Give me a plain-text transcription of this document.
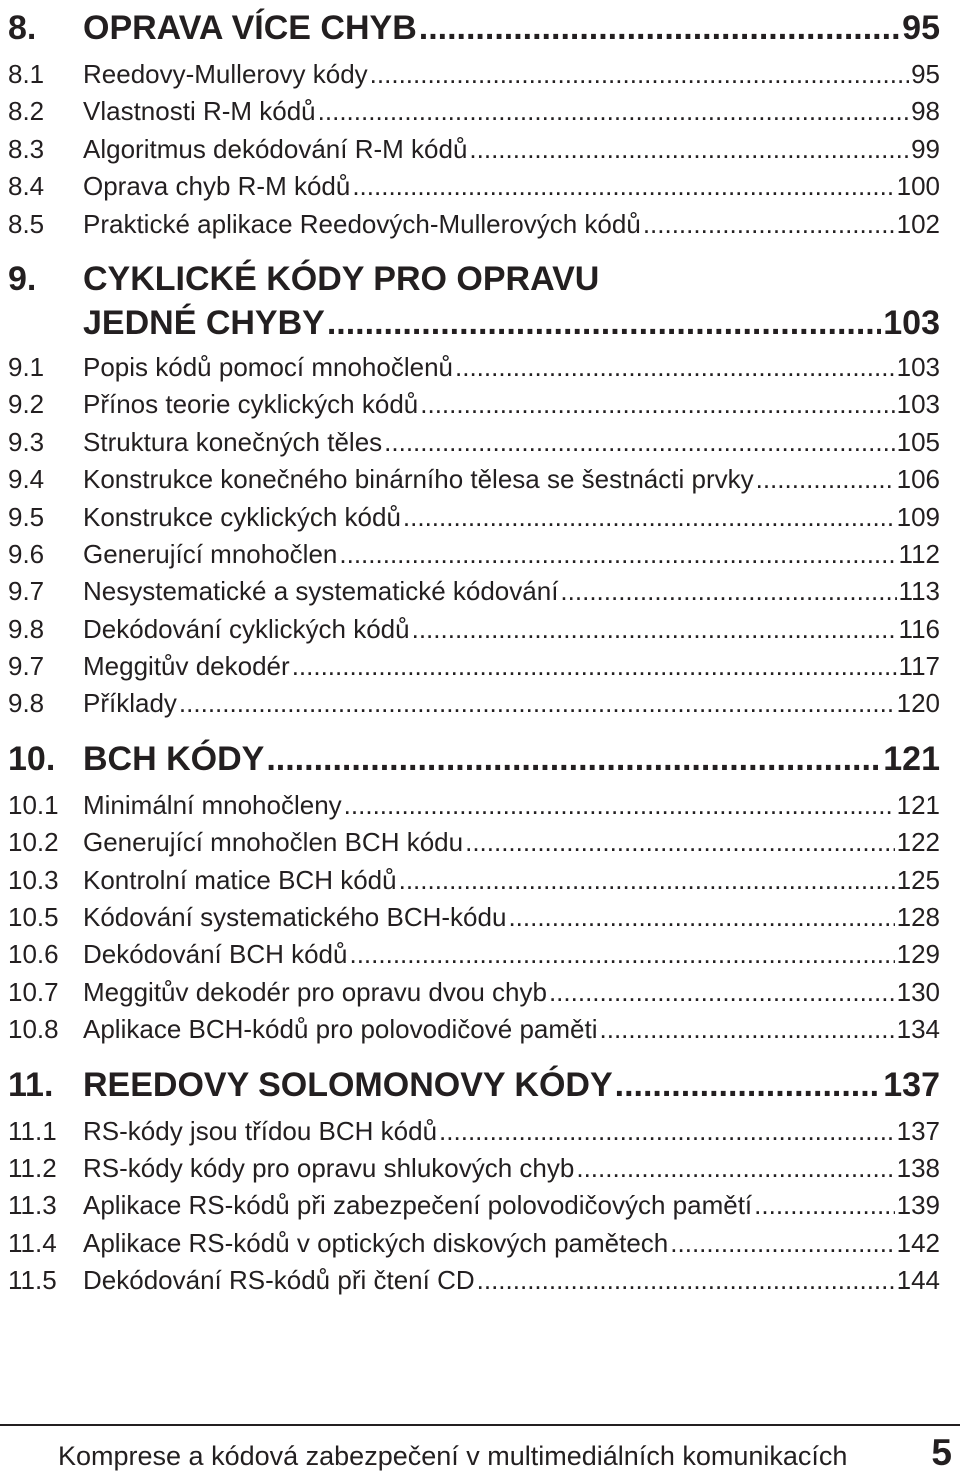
8.	OPRAVA VÍCE CHYB .....	95
8.1	Reedovy-Mullerovy kódy .....	95
8.2	Vlastnosti R-M kódů .....	98
8.3	Algoritmus dekódování R-M kódů .....	99
8.4	Oprava chyb R-M kódů .....	100
8.5	Praktické aplikace Reedových-Mullerových kódů .....	102
9.	CYKLICKÉ KÓDY PRO OPRAVU
JEDNÉ CHYBY .....	103
9.1	Popis kódů pomocí mnohočlenů .....	103
9.2	Přínos teorie cyklických kódů .....	103
9.3	Struktura konečných těles .....	105
9.4	Konstrukce konečného binárního tělesa se šestnácti prvky .....	106
9.5	Konstrukce cyklických kódů .....	109
9.6	Generující mnohočlen .....	112
9.7	Nesystematické a systematické kódování .....	113
9.8	Dekódování cyklických kódů .....	116
9.7	Meggitův dekodér .....	117
9.8	Příklady .....	120
10. BCH KÓDY .....	121
10.1 Minimální mnohočleny .....	121
10.2 Generující mnohočlen BCH kódu .....	122
10.3 Kontrolní matice BCH kódů .....	125
10.5 Kódování systematického BCH-kódu .....	128
10.6 Dekódování BCH kódů .....	129
10.7 Meggitův dekodér pro opravu dvou chyb .....	130
10.8 Aplikace BCH-kódů pro polovodičové paměti .....	134
11. REEDOVY SOLOMONOVY KÓDY .....	137
11.1	RS-kódy jsou třídou BCH kódů .....	137
11.2	RS-kódy kódy pro opravu shlukových chyb .....	138
11.3	Aplikace RS-kódů při zabezpečení polovodičových pamětí .....	139
11.4	Aplikace RS-kódů v optických diskových pamětech .....	142
11.5	Dekódování RS-kódů při čtení CD .....	144
Komprese a kódová zabezpečení v multimediálních komunikacích 5
